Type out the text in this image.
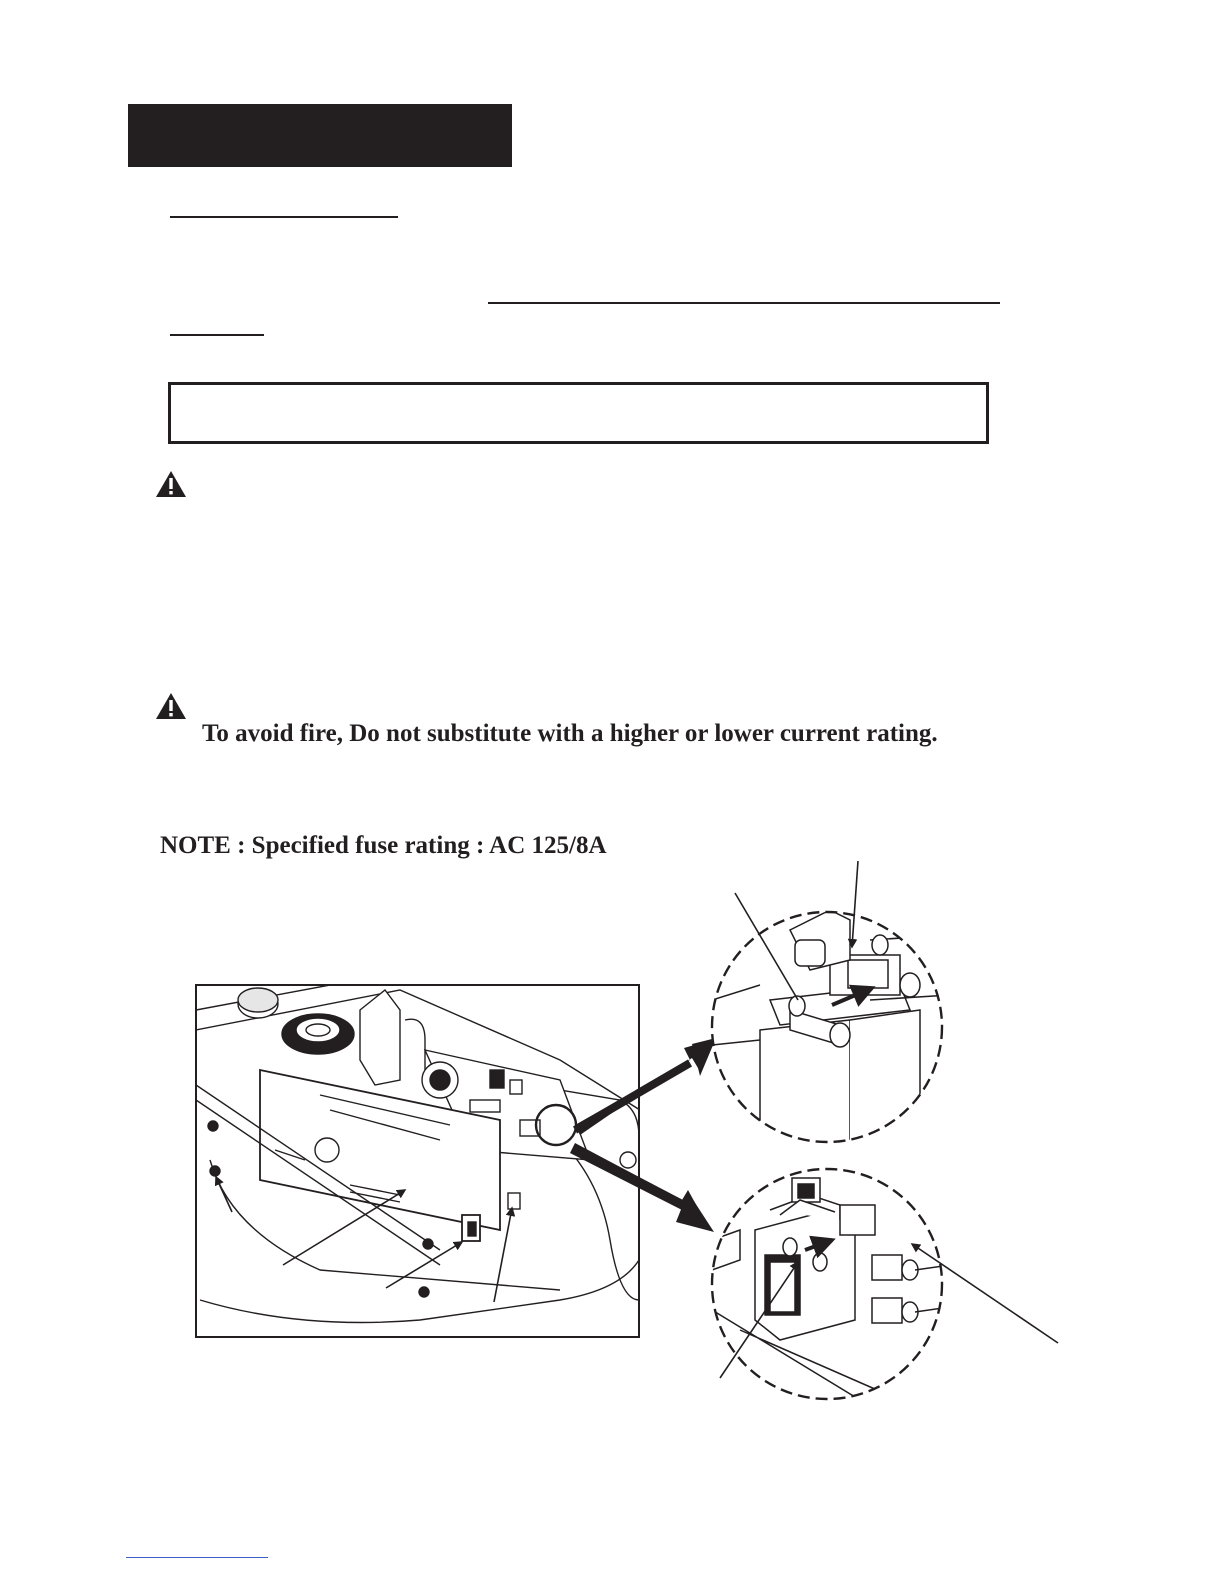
To avoid fire, Do not substitute with a higher or lower current rating.
NOTE : Specified fuse rating : AC 125/8A
